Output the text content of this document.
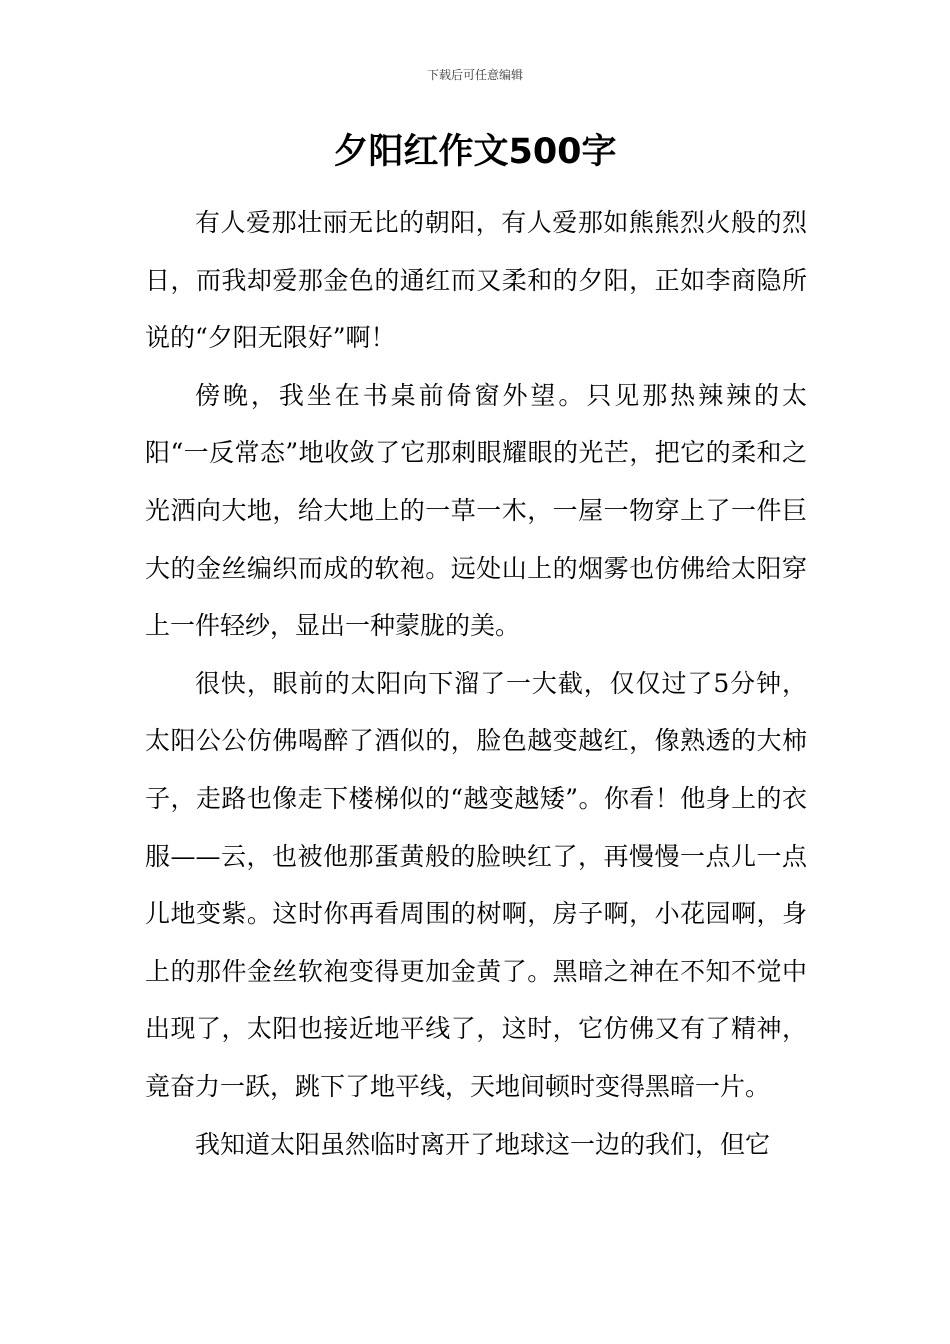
下载后可任意编辑
夕阳红作文500字

有人爱那壮丽无比的朝阳，有人爱那如熊熊烈火般的烈日，而我却爱那金色的通红而又柔和的夕阳，正如李商隐所说的“夕阳无限好”啊！

傍晚，我坐在书桌前倚窗外望。只见那热辣辣的太阳“一反常态”地收敛了它那刺眼耀眼的光芒，把它的柔和之光洒向大地，给大地上的一草一木，一屋一物穿上了一件巨大的金丝编织而成的软袍。远处山上的烟雾也仿佛给太阳穿上一件轻纱，显出一种蒙胧的美。

很快，眼前的太阳向下溜了一大截，仅仅过了5分钟，太阳公公仿佛喝醉了酒似的，脸色越变越红，像熟透的大柿子，走路也像走下楼梯似的“越变越矮”。你看！他身上的衣服——云，也被他那蛋黄般的脸映红了，再慢慢一点儿一点儿地变紫。这时你再看周围的树啊，房子啊，小花园啊，身上的那件金丝软袍变得更加金黄了。黑暗之神在不知不觉中出现了，太阳也接近地平线了，这时，它仿佛又有了精神，竟奋力一跃，跳下了地平线，天地间顿时变得黑暗一片。

我知道太阳虽然临时离开了地球这一边的我们，但它
